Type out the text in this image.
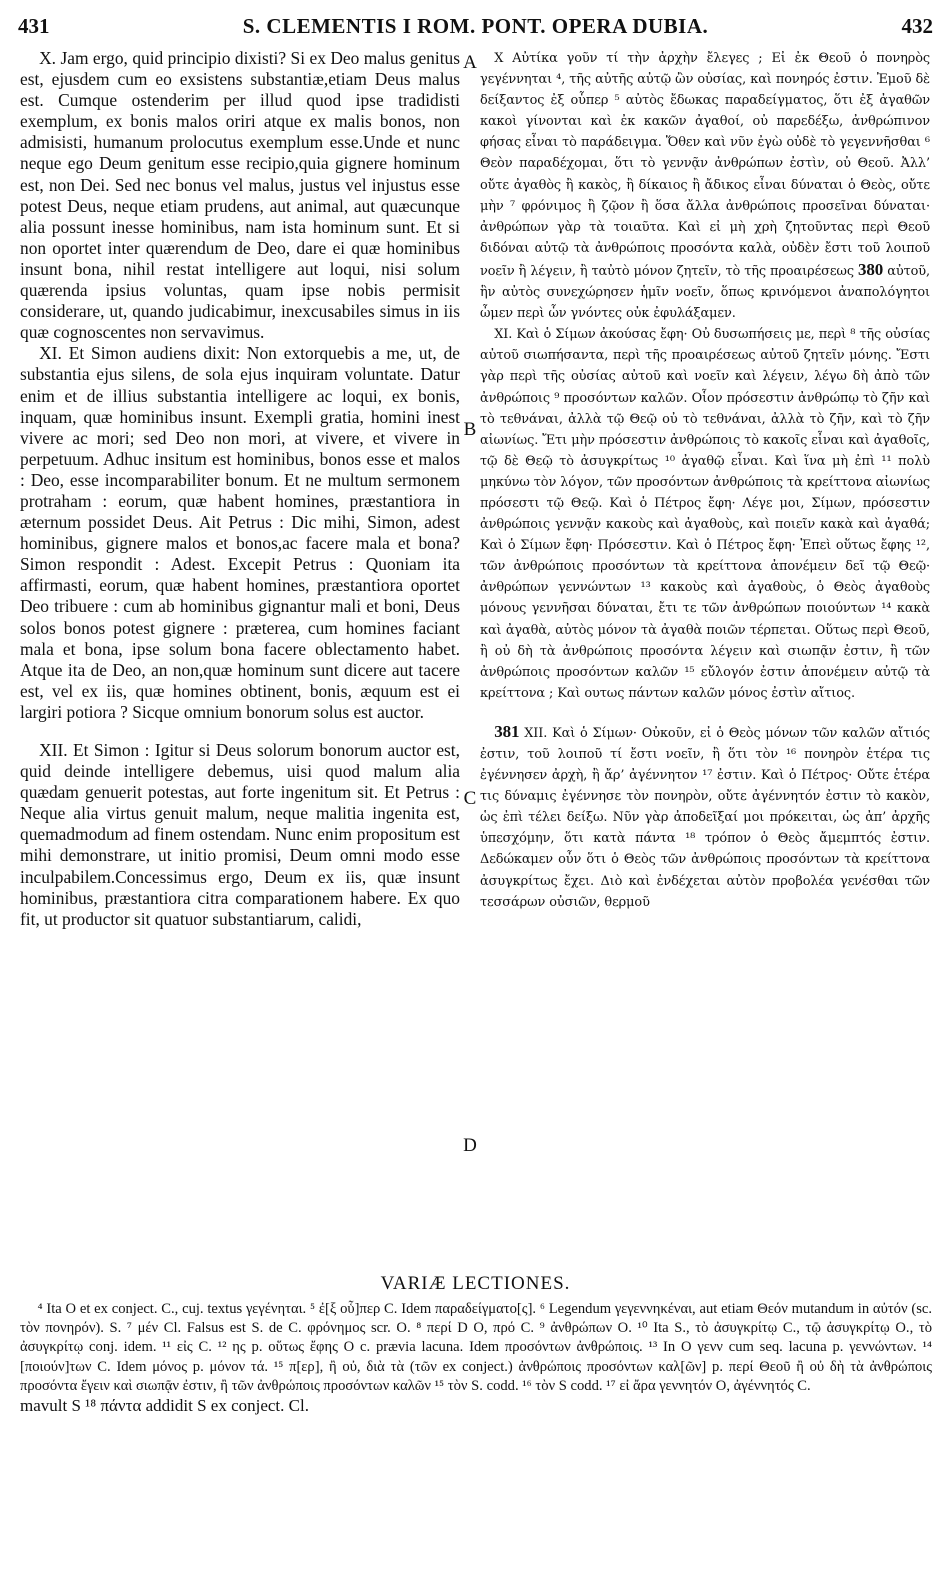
431	S. CLEMENTIS I ROM. PONT. OPERA DUBIA.	432

X. Jam ergo, quid principio dixisti? Si ex Deo malus genitus est, ejusdem cum eo exsistens substantiæ,etiam Deus malus est. Cumque ostenderim per illud quod ipse tradidisti exemplum, ex bonis malos oriri atque ex malis bonos, non admisisti, humanum prolocutus exemplum esse.Unde et nunc neque ego Deum genitum esse recipio,quia gignere hominum est, non Dei. Sed nec bonus vel malus, justus vel injustus esse potest Deus, neque etiam prudens, aut animal, aut quæcunque alia possunt inesse hominibus, nam ista hominum sunt. Et si non oportet inter quærendum de Deo, dare ei quæ hominibus insunt bona, nihil restat intelligere aut loqui, nisi solum quærenda ipsius voluntas, quam ipse nobis permisit considerare, ut, quando judicabimur, inexcusabiles simus in iis quæ cognoscentes non servavimus.

XI. Et Simon audiens dixit: Non extorquebis a me, ut, de substantia ejus silens, de sola ejus inquiram voluntate. Datur enim et de illius substantia intelligere ac loqui, ex bonis, inquam, quæ hominibus insunt. Exempli gratia, homini inest vivere ac mori; sed Deo non mori, at vivere, et vivere in perpetuum. Adhuc insitum est hominibus, bonos esse et malos : Deo, esse incomparabiliter bonum. Et ne multum sermonem protraham : eorum, quæ habent homines, præstantiora in æternum possidet Deus. Ait Petrus : Dic mihi, Simon, adest hominibus, gignere malos et bonos,ac facere mala et bona? Simon respondit : Adest. Excepit Petrus : Quoniam ita affirmasti, eorum, quæ habent homines, præstantiora oportet Deo tribuere : cum ab hominibus gignantur mali et boni, Deus solos bonos potest gignere : præterea, cum homines faciant mala et bona, ipse solum bona facere oblectamento habet. Atque ita de Deo, an non,quæ hominum sunt dicere aut tacere est, vel ex iis, quæ homines obtinent, bonis, æquum est ei largiri potiora ? Sicque omnium bonorum solus est auctor.

XII. Et Simon : Igitur si Deus solorum bonorum auctor est, quid deinde intelligere debemus, uisi quod malum alia quædam genuerit potestas, aut forte ingenitum sit. Et Petrus : Neque alia virtus genuit malum, neque malitia ingenita est, quemadmodum ad finem ostendam. Nunc enim propositum est mihi demonstrare, ut initio promisi, Deum omni modo esse inculpabilem.Concessimus ergo, Deum ex iis, quæ insunt hominibus, præstantiora citra comparationem habere. Ex quo fit, ut productor sit quatuor substantiarum, calidi,

A
B
C
D

X Αὐτίκα γοῦν τί τὴν ἀρχὴν ἔλεγες ; Εἰ ἐκ Θεοῦ ὁ πονηρὸς γεγέννηται ⁴, τῆς αὐτῆς αὐτῷ ὢν οὐσίας, καὶ πονηρός ἐστιν. Ἐμοῦ δὲ δείξαντος ἐξ οὗπερ ⁵ αὐτὸς ἔδωκας παραδείγματος, ὅτι ἐξ ἀγαθῶν κακοὶ γίνονται καὶ ἐκ κακῶν ἀγαθοί, οὐ παρεδέξω, ἀνθρώπινον φήσας εἶναι τὸ παράδειγμα. Ὅθεν καὶ νῦν ἐγὼ οὐδὲ τὸ γεγεννῆσθαι ⁶ Θεὸν παραδέχομαι, ὅτι τὸ γεννᾷν ἀνθρώπων ἐστὶν, οὐ Θεοῦ. Ἀλλ’ οὔτε ἀγαθὸς ἢ κακὸς, ἢ δίκαιος ἢ ἄδικος εἶναι δύναται ὁ Θεὸς, οὔτε μὴν ⁷ φρόνιμος ἢ ζῷον ἢ ὅσα ἄλλα ἀνθρώποις προσεῖναι δύναται· ἀνθρώπων γὰρ τὰ τοιαῦτα. Καὶ εἰ μὴ χρὴ ζητοῦντας περὶ Θεοῦ διδόναι αὐτῷ τὰ ἀνθρώποις προσόντα καλὰ, οὐδὲν ἔστι τοῦ λοιποῦ νοεῖν ἢ λέγειν, ἢ ταὐτὸ μόνον ζητεῖν, τὸ τῆς προαιρέσεως 380 αὐτοῦ, ἣν αὐτὸς συνεχώρησεν ἡμῖν νοεῖν, ὅπως κρινόμενοι ἀναπολόγητοι ὦμεν περὶ ὧν γνόντες οὐκ ἐφυλάξαμεν.

XI. Καὶ ὁ Σίμων ἀκούσας ἔφη· Οὐ δυσωπήσεις με, περὶ ⁸ τῆς οὐσίας αὐτοῦ σιωπήσαντα, περὶ τῆς προαιρέσεως αὐτοῦ ζητεῖν μόνης. Ἔστι γὰρ περὶ τῆς οὐσίας αὐτοῦ καὶ νοεῖν καὶ λέγειν, λέγω δὴ ἀπὸ τῶν ἀνθρώποις ⁹ προσόντων καλῶν. Οἷον πρόσεστιν ἀνθρώπῳ τὸ ζῆν καὶ τὸ τεθνάναι, ἀλλὰ τῷ Θεῷ οὐ τὸ τεθνάναι, ἀλλὰ τὸ ζῆν, καὶ τὸ ζῆν αἰωνίως. Ἔτι μὴν πρόσεστιν ἀνθρώποις τὸ κακοῖς εἶναι καὶ ἀγαθοῖς, τῷ δὲ Θεῷ τὸ ἀσυγκρίτως ¹⁰ ἀγαθῷ εἶναι. Καὶ ἵνα μὴ ἐπὶ ¹¹ πολὺ μηκύνω τὸν λόγον, τῶν προσόντων ἀνθρώποις τὰ κρείττονα αἰωνίως πρόσεστι τῷ Θεῷ. Καὶ ὁ Πέτρος ἔφη· Λέγε μοι, Σίμων, πρόσεστιν ἀνθρώποις γεννᾷν κακοὺς καὶ ἀγαθοὺς, καὶ ποιεῖν κακὰ καὶ ἀγαθά; Καὶ ὁ Σίμων ἔφη· Πρόσεστιν. Καὶ ὁ Πέτρος ἔφη· Ἐπεὶ οὕτως ἔφης ¹², τῶν ἀνθρώποις προσόντων τὰ κρείττονα ἀπονέμειν δεῖ τῷ Θεῷ· ἀνθρώπων γεννώντων ¹³ κακοὺς καὶ ἀγαθοὺς, ὁ Θεὸς ἀγαθοὺς μόνους γεννῆσαι δύναται, ἔτι τε τῶν ἀνθρώπων ποιούντων ¹⁴ κακὰ καὶ ἀγαθὰ, αὐτὸς μόνον τὰ ἀγαθὰ ποιῶν τέρπεται. Οὕτως περὶ Θεοῦ, ἢ οὐ δὴ τὰ ἀνθρώποις προσόντα λέγειν καὶ σιωπᾷν ἐστιν, ἢ τῶν ἀνθρώποις προσόντων καλῶν ¹⁵ εὔλογόν ἐστιν ἀπονέμειν αὐτῷ τὰ κρείττονα ; Καὶ ουτως πάντων καλῶν μόνος ἐστὶν αἴτιος.

381 XII. Καὶ ὁ Σίμων· Οὐκοῦν, εἰ ὁ Θεὸς μόνων τῶν καλῶν αἴτιός ἐστιν, τοῦ λοιποῦ τί ἔστι νοεῖν, ἢ ὅτι τὸν ¹⁶ πονηρὸν ἑτέρα τις ἐγέννησεν ἀρχὴ, ἢ ἄρ’ ἀγέννητον ¹⁷ ἐστιν. Καὶ ὁ Πέτρος· Οὔτε ἑτέρα τις δύναμις ἐγέννησε τὸν πονηρὸν, οὔτε ἀγέννητόν ἐστιν τὸ κακὸν, ὡς ἐπὶ τέλει δείξω. Νῦν γὰρ ἀποδεῖξαί μοι πρόκειται, ὡς ἀπ’ ἀρχῆς ὑπεσχόμην, ὅτι κατὰ πάντα ¹⁸ τρόπον ὁ Θεὸς ἄμεμπτός ἐστιν. Δεδώκαμεν οὖν ὅτι ὁ Θεὸς τῶν ἀνθρώποις προσόντων τὰ κρείττονα ἀσυγκρίτως ἔχει. Διὸ καὶ ἐνδέχεται αὐτὸν προβολέα γενέσθαι τῶν τεσσάρων οὐσιῶν, θερμοῦ

VARIÆ LECTIONES.

⁴ Ita O et ex conject. C., cuj. textus γεγένηται. ⁵ ἐ[ξ οὗ]περ C. Idem παραδείγματο[ς]. ⁶ Legendum γεγεννηκέναι, aut etiam Θεόν mutandum in αὐτόν (sc. τὸν πονηρόν). S. ⁷ μέν Cl. Falsus est S. de C. φρόνημος scr. O. ⁸ περί D O, πρό C. ⁹ ἀνθρώπων O. ¹⁰ Ita S., τὸ ἀσυγκρίτῳ C., τῷ ἀσυγκρίτῳ O., τὸ ἀσυγκρίτῳ conj. idem. ¹¹ εἰς C. ¹² ης p. οὕτως ἔφης O c. prævia lacuna. Idem προσόντων ἀνθρώποις. ¹³ In O γενν cum seq. lacuna p. γεννώντων. ¹⁴ [ποιούν]των C. Idem μόνος p. μόνον τά. ¹⁵ π[ερ], ἢ οὐ, διὰ τὰ (τῶν ex conject.) ἀνθρώποις προσόντων καλ[ῶν] p. περί Θεοῦ ἢ οὐ δὴ τὰ ἀνθρώποις προσόντα ἔγειν καὶ σιωπᾷν ἐστιν, ἢ τῶν ἀνθρώποις προσόντων καλῶν ¹⁵ τὸν S. codd. ¹⁶ τὸν S codd. ¹⁷ εἰ ἄρα γεννητόν O, ἀγέννητός C.

mavult S ¹⁸ πάντα addidit S ex conject. Cl.
